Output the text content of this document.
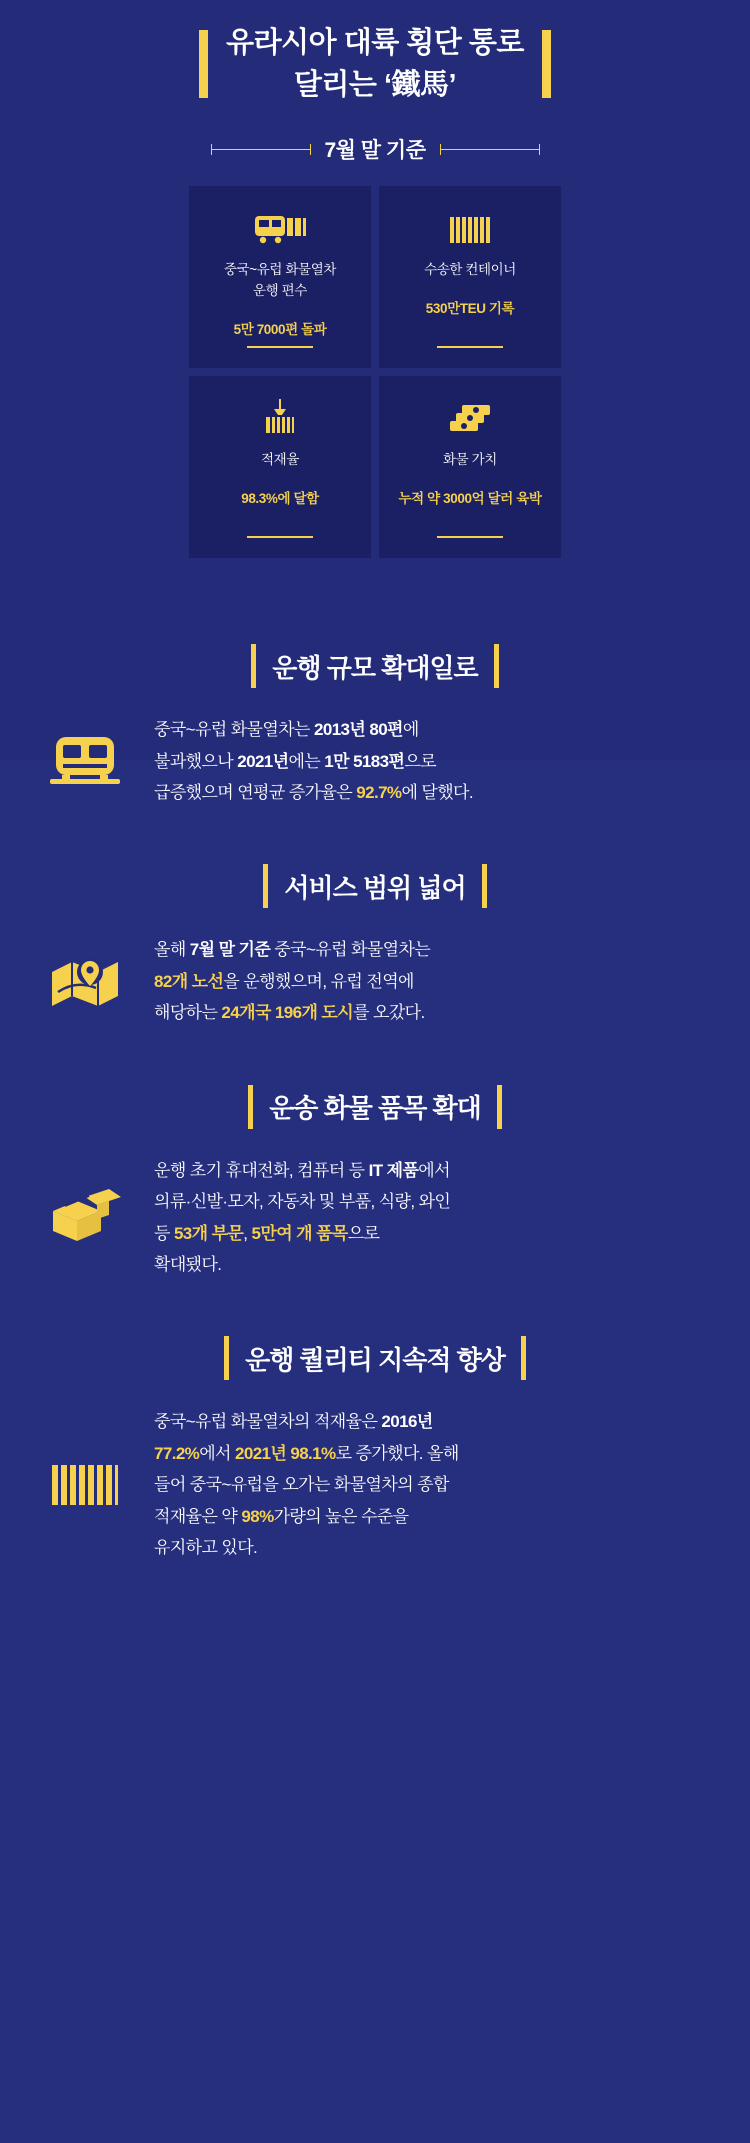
유라시아 대륙 횡단 통로
달리는 ‘鐵馬’
7월 말 기준
중국~유럽 화물열차
운행 편수
5만 7000편 돌파
수송한 컨테이너
530만TEU 기록
적재율
98.3%에 달함
화물 가치
누적 약 3000억 달러 육박
운행 규모 확대일로
중국~유럽 화물열차는 2013년 80편에
불과했으나 2021년에는 1만 5183편으로
급증했으며 연평균 증가율은 92.7%에 달했다.
서비스 범위 넓어
올해 7월 말 기준 중국~유럽 화물열차는
82개 노선을 운행했으며, 유럽 전역에
해당하는 24개국 196개 도시를 오갔다.
운송 화물 품목 확대
운행 초기 휴대전화, 컴퓨터 등 IT 제품에서
의류·신발·모자, 자동차 및 부품, 식량, 와인
등 53개 부문, 5만여 개 품목으로
확대됐다.
운행 퀄리티 지속적 향상
중국~유럽 화물열차의 적재율은 2016년
77.2%에서 2021년 98.1%로 증가했다. 올해
들어 중국~유럽을 오가는 화물열차의 종합
적재율은 약 98%가량의 높은 수준을
유지하고 있다.
